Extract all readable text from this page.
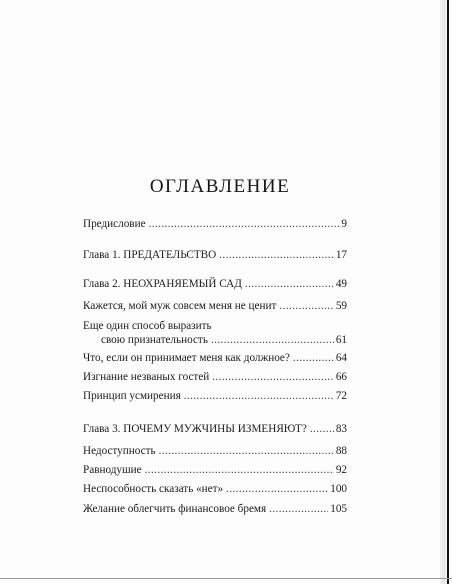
ОГЛАВЛЕНИЕ
Предисловие . . .	9
Глава 1. ПРЕДАТЕЛЬСТВО . . .	17
Глава 2. НЕОХРАНЯЕМЫЙ САД . . .	49
Кажется, мой муж совсем меня не ценит . . .	59
Еще один способ выразить
свою признательность . . .	61
Что, если он принимает меня как должное? . . .	64
Изгнание незваных гостей . . .	66
Принцип усмирения . . .	72
Глава 3. ПОЧЕМУ МУЖЧИНЫ ИЗМЕНЯЮТ? . . .	83
Недоступность . . .	88
Равнодушие . . .	92
Неспособность сказать «нет» . . .	100
Желание облегчить финансовое бремя . . .	105
